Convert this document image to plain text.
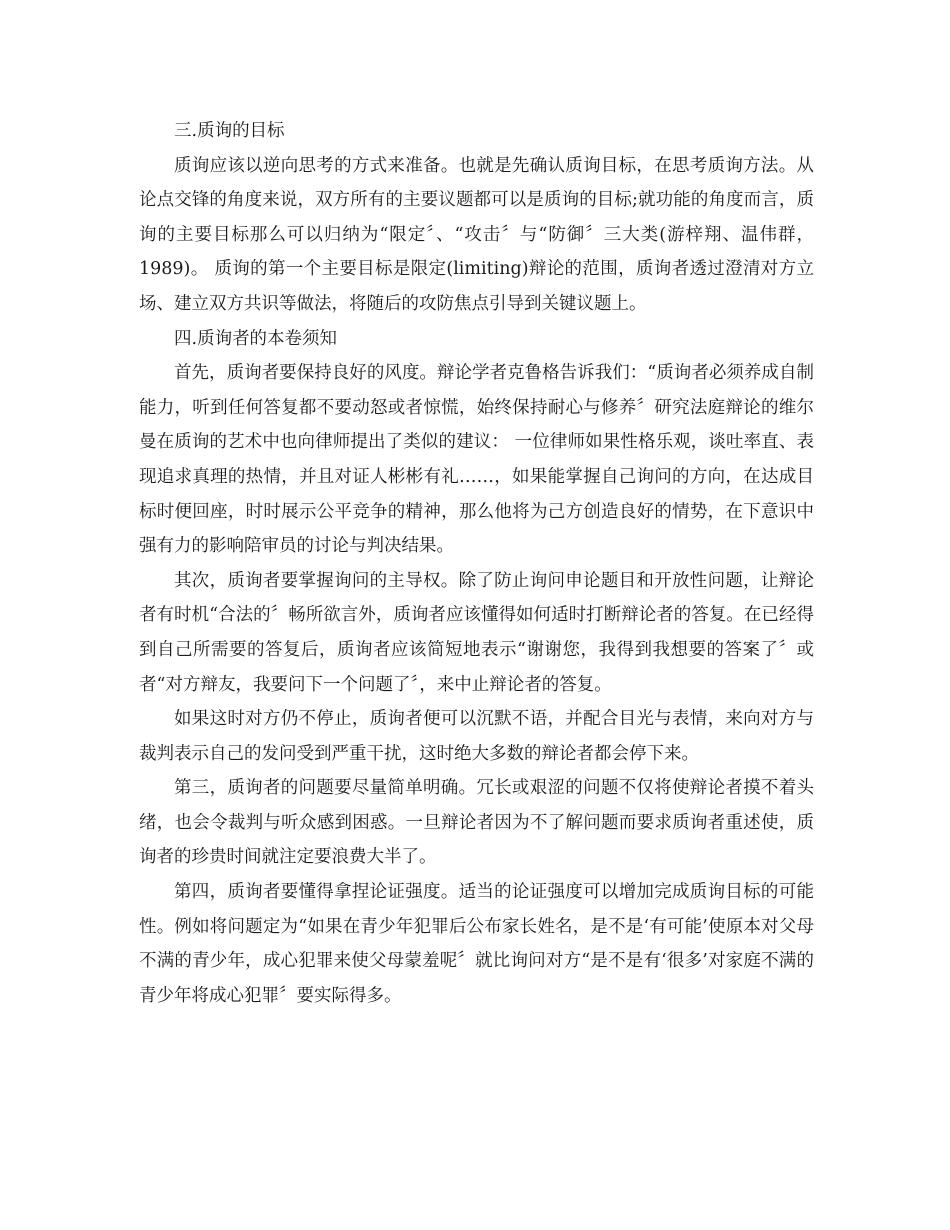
三.质询的目标

质询应该以逆向思考的方式来准备。也就是先确认质询目标，在思考质询方法。从论点交锋的角度来说，双方所有的主要议题都可以是质询的目标;就功能的角度而言，质询的主要目标那么可以归纳为“限定〞、“攻击〞与“防御〞三大类(游梓翔、温伟群，1989)。 质询的第一个主要目标是限定(limiting)辩论的范围，质询者透过澄清对方立场、建立双方共识等做法，将随后的攻防焦点引导到关键议题上。

四.质询者的本卷须知

首先，质询者要保持良好的风度。辩论学者克鲁格告诉我们：“质询者必须养成自制能力，听到任何答复都不要动怒或者惊慌，始终保持耐心与修养〞研究法庭辩论的维尔曼在质询的艺术中也向律师提出了类似的建议： 一位律师如果性格乐观，谈吐率直、表现追求真理的热情，并且对证人彬彬有礼……，如果能掌握自己询问的方向，在达成目标时便回座，时时展示公平竞争的精神，那么他将为己方创造良好的情势，在下意识中强有力的影响陪审员的讨论与判决结果。

其次，质询者要掌握询问的主导权。除了防止询问申论题目和开放性问题，让辩论者有时机“合法的〞畅所欲言外，质询者应该懂得如何适时打断辩论者的答复。在已经得到自己所需要的答复后，质询者应该简短地表示“谢谢您，我得到我想要的答案了〞或者“对方辩友，我要问下一个问题了〞，来中止辩论者的答复。

如果这时对方仍不停止，质询者便可以沉默不语，并配合目光与表情，来向对方与裁判表示自己的发问受到严重干扰，这时绝大多数的辩论者都会停下来。

第三，质询者的问题要尽量简单明确。冗长或艰涩的问题不仅将使辩论者摸不着头绪，也会令裁判与听众感到困惑。一旦辩论者因为不了解问题而要求质询者重述使，质询者的珍贵时间就注定要浪费大半了。

第四，质询者要懂得拿捏论证强度。适当的论证强度可以增加完成质询目标的可能性。例如将问题定为“如果在青少年犯罪后公布家长姓名，是不是‘有可能’使原本对父母不满的青少年，成心犯罪来使父母蒙羞呢〞就比询问对方“是不是有‘很多’对家庭不满的青少年将成心犯罪〞要实际得多。
